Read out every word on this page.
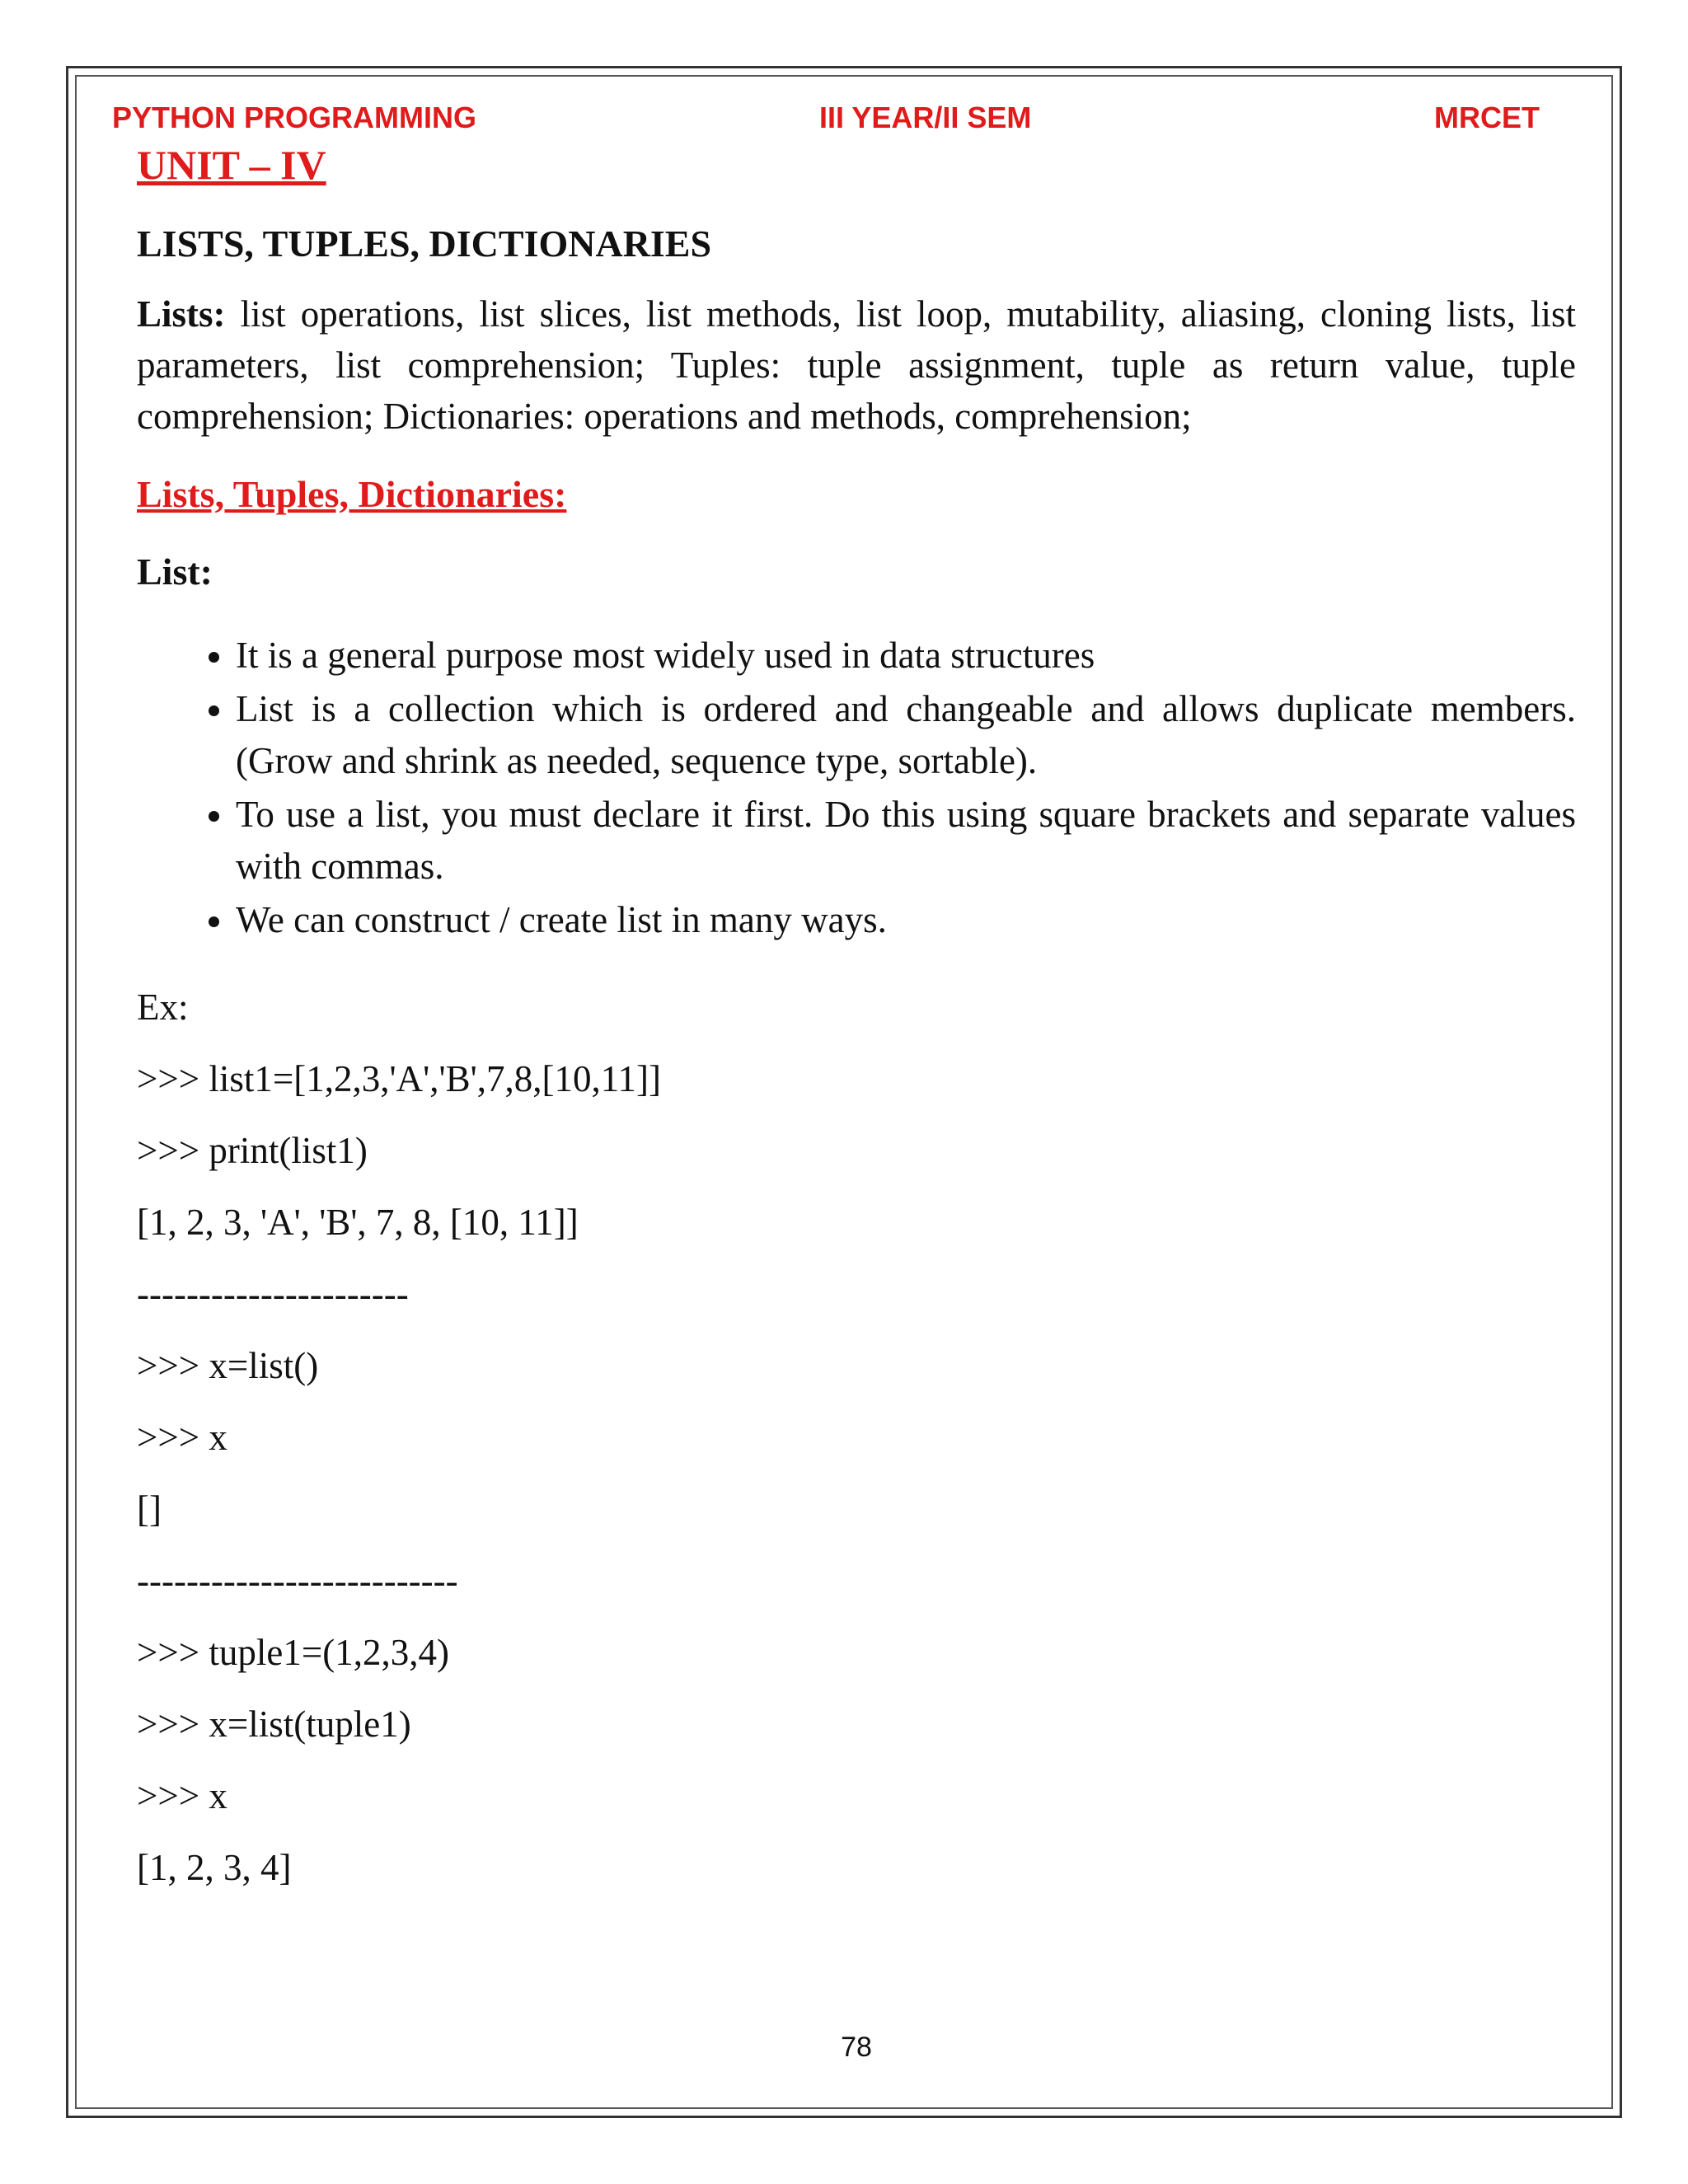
PYTHON PROGRAMMING	III YEAR/II SEM	MRCET

UNIT – IV

LISTS, TUPLES, DICTIONARIES

Lists: list operations, list slices, list methods, list loop, mutability, aliasing, cloning lists, list parameters, list comprehension; Tuples: tuple assignment, tuple as return value, tuple comprehension; Dictionaries: operations and methods, comprehension;

Lists, Tuples, Dictionaries:

List:

• It is a general purpose most widely used in data structures
• List is a collection which is ordered and changeable and allows duplicate members. (Grow and shrink as needed, sequence type, sortable).
• To use a list, you must declare it first. Do this using square brackets and separate values with commas.
• We can construct / create list in many ways.
Ex:
>>> list1=[1,2,3,'A','B',7,8,[10,11]]
>>> print(list1)
[1, 2, 3, 'A', 'B', 7, 8, [10, 11]]
----------------------
>>> x=list()
>>> x
[]
--------------------------
>>> tuple1=(1,2,3,4)
>>> x=list(tuple1)
>>> x
[1, 2, 3, 4]
78
